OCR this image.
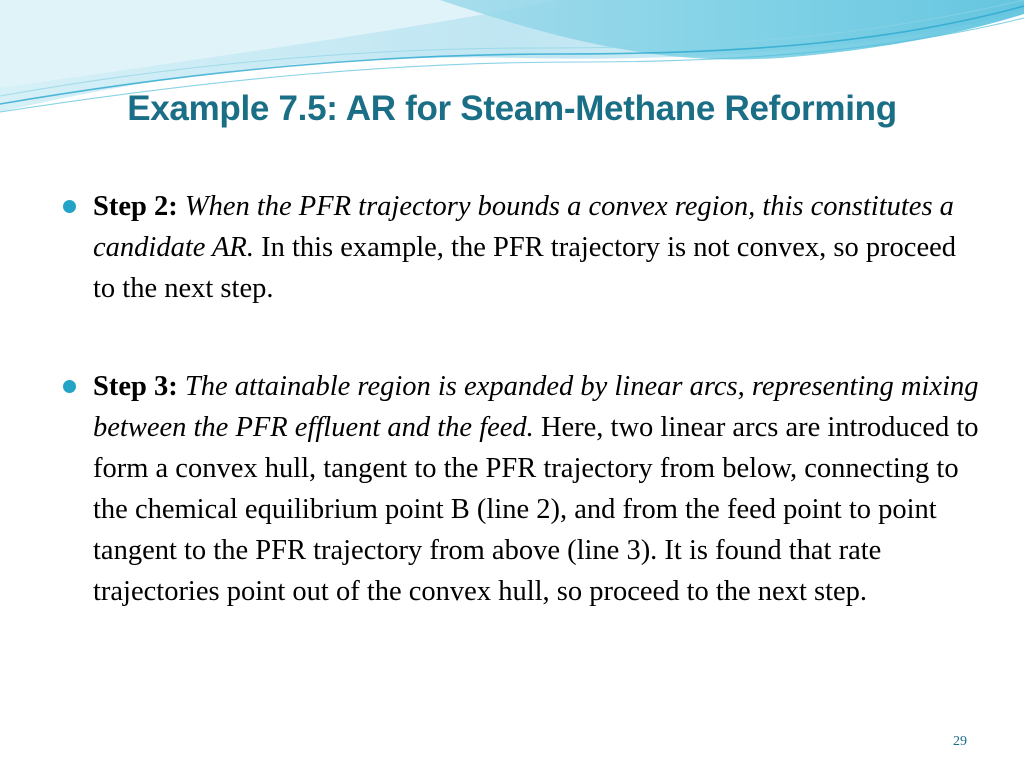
Example 7.5: AR for Steam-Methane Reforming

Step 2: When the PFR trajectory bounds a convex region, this constitutes a candidate AR. In this example, the PFR trajectory is not convex, so proceed to the next step.

Step 3: The attainable region is expanded by linear arcs, representing mixing between the PFR effluent and the feed. Here, two linear arcs are introduced to form a convex hull, tangent to the PFR trajectory from below, connecting to the chemical equilibrium point B (line 2), and from the feed point to point tangent to the PFR trajectory from above (line 3). It is found that rate trajectories point out of the convex hull, so proceed to the next step.

29
